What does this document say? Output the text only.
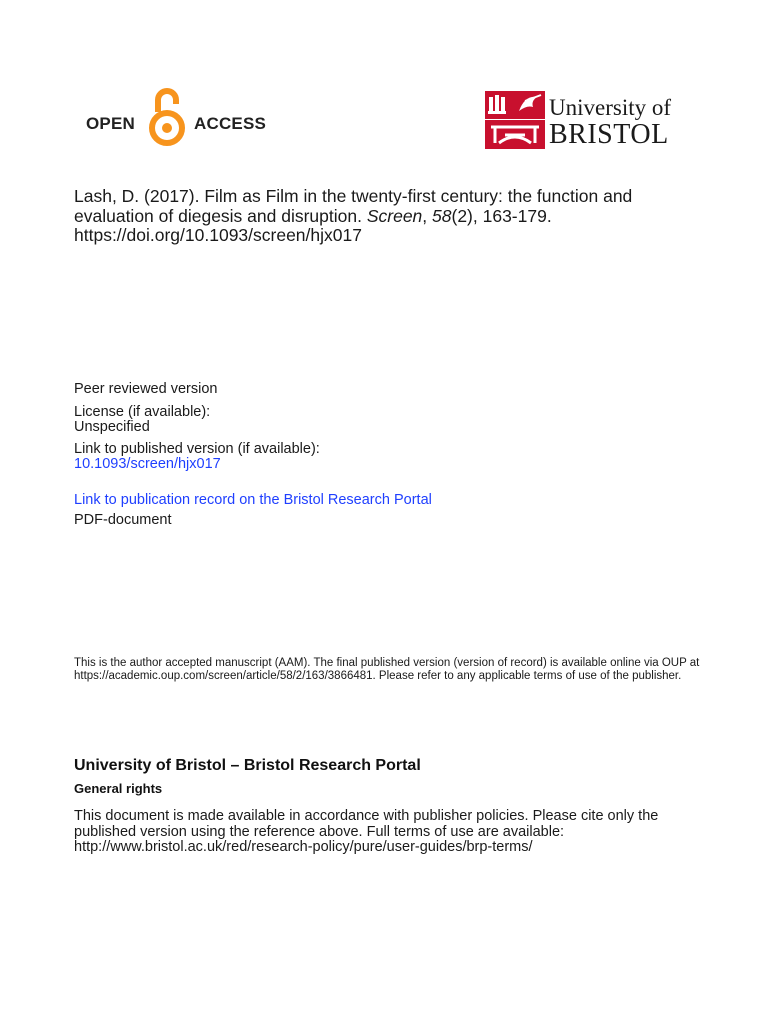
OPEN	ACCESS
University of
BRISTOL
Lash, D. (2017). Film as Film in the twenty-first century: the function and evaluation of diegesis and disruption. Screen, 58(2), 163-179.
https://doi.org/10.1093/screen/hjx017
Peer reviewed version
License (if available):
Unspecified
Link to published version (if available):
10.1093/screen/hjx017
Link to publication record on the Bristol Research Portal
PDF-document
This is the author accepted manuscript (AAM). The final published version (version of record) is available online via OUP at https://academic.oup.com/screen/article/58/2/163/3866481. Please refer to any applicable terms of use of the publisher.
University of Bristol – Bristol Research Portal
General rights
This document is made available in accordance with publisher policies. Please cite only the published version using the reference above. Full terms of use are available: http://www.bristol.ac.uk/red/research-policy/pure/user-guides/brp-terms/
